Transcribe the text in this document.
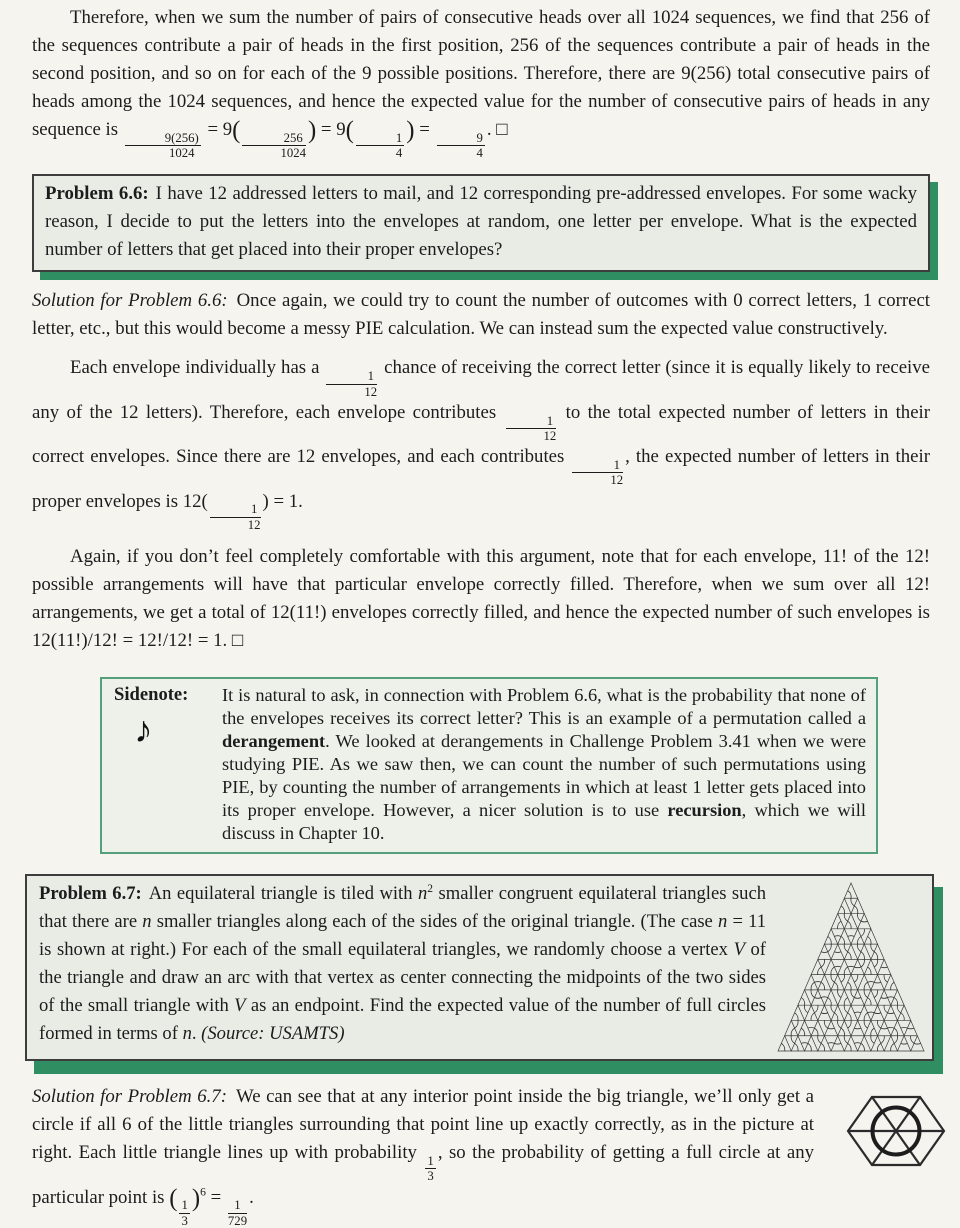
Therefore, when we sum the number of pairs of consecutive heads over all 1024 sequences, we find that 256 of the sequences contribute a pair of heads in the first position, 256 of the sequences contribute a pair of heads in the second position, and so on for each of the 9 possible positions. Therefore, there are 9(256) total consecutive pairs of heads among the 1024 sequences, and hence the expected value for the number of consecutive pairs of heads in any sequence is
$\frac{9(256)}{1024}$
= 9(
$\frac{256}{1024}$
) = 9(
$\frac{1}{4}$
) =
$\frac{9}{4}$
. □

Problem 6.6: I have 12 addressed letters to mail, and 12 corresponding pre-addressed envelopes. For some wacky reason, I decide to put the letters into the envelopes at random, one letter per envelope. What is the expected number of letters that get placed into their proper envelopes?

Solution for Problem 6.6: Once again, we could try to count the number of outcomes with 0 correct letters, 1 correct letter, etc., but this would become a messy PIE calculation. We can instead sum the expected value constructively.

Each envelope individually has a
$\frac{1}{12}$
chance of receiving the correct letter (since it is equally likely to receive any of the 12 letters). Therefore, each envelope contributes
$\frac{1}{12}$
to the total expected number of letters in their correct envelopes. Since there are 12 envelopes, and each contributes
$\frac{1}{12}$
, the expected number of letters in their proper envelopes is 12(
$\frac{1}{12}$
) = 1.

Again, if you don’t feel completely comfortable with this argument, note that for each envelope, 11! of the 12! possible arrangements will have that particular envelope correctly filled. Therefore, when we sum over all 12! arrangements, we get a total of 12(11!) envelopes correctly filled, and hence the expected number of such envelopes is 12(11!)/12! = 12!/12! = 1. □

Sidenote:
♪
It is natural to ask, in connection with Problem 6.6, what is the probability that none of the envelopes receives its correct letter? This is an example of a permutation called a derangement. We looked at derangements in Challenge Problem 3.41 when we were studying PIE. As we saw then, we can count the number of such permutations using PIE, by counting the number of arrangements in which at least 1 letter gets placed into its proper envelope. However, a nicer solution is to use recursion, which we will discuss in Chapter 10.
Problem 6.7: An equilateral triangle is tiled with $n^2$ smaller congruent equilateral triangles such that there are n smaller triangles along each of the sides of the original triangle. (The case n = 11 is shown at right.) For each of the small equilateral triangles, we randomly choose a vertex V of the triangle and draw an arc with that vertex as center connecting the midpoints of the two sides of the small triangle with V as an endpoint. Find the expected value of the number of full circles formed in terms of n. (Source: USAMTS)

Solution for Problem 6.7: We can see that at any interior point inside the big triangle, we’ll only get a circle if all 6 of the little triangles surrounding that point line up exactly correctly, as in the picture at right. Each little triangle lines up with probability
$\frac{1}{3}$
, so the probability of getting a full circle at any particular point is (
$\frac{1}{3}$
)$^6$ =
$\frac{1}{729}$
.
